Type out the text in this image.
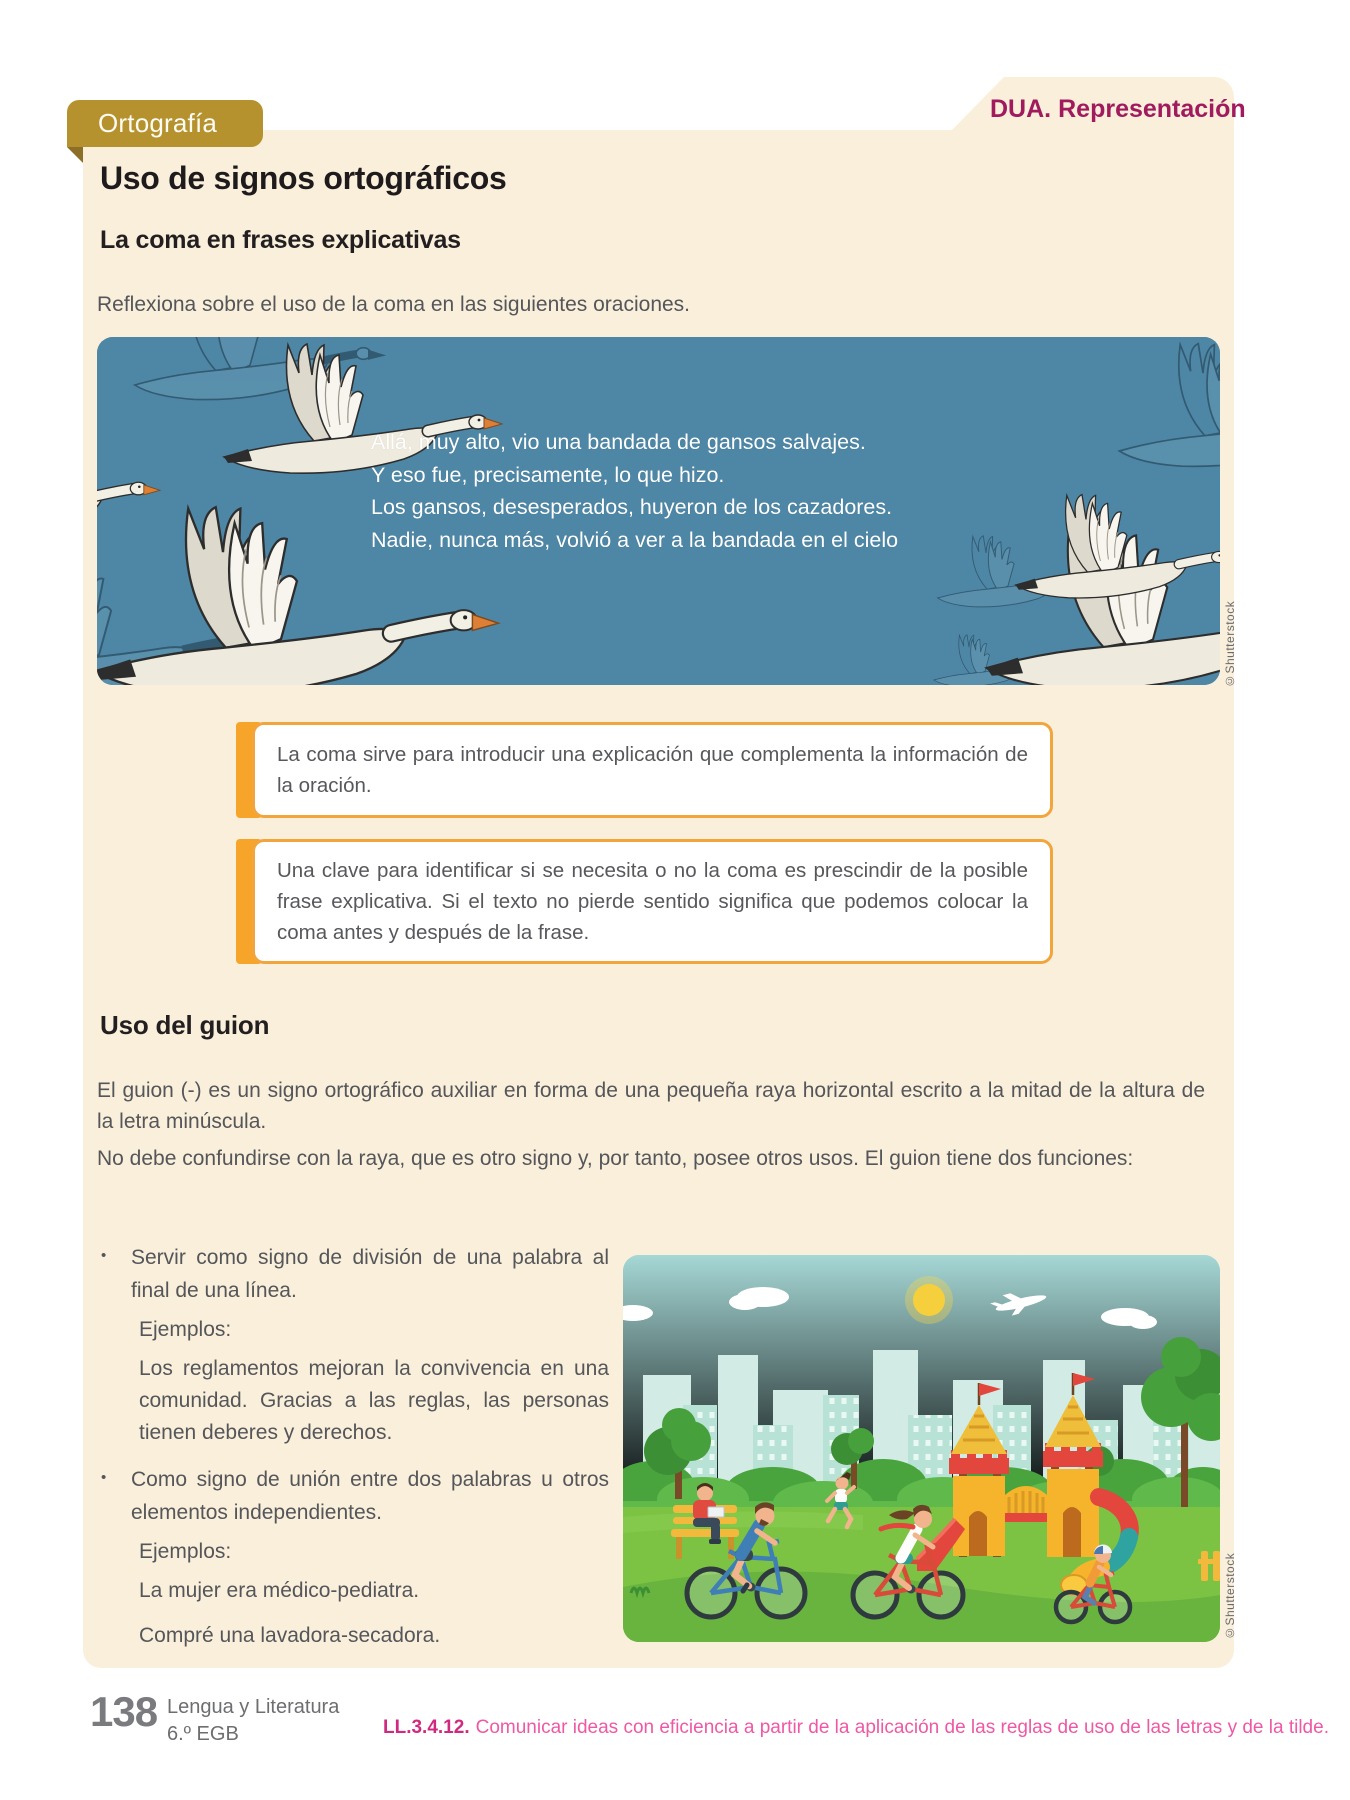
DUA. Representación
Ortografía
Uso de signos ortográficos
La coma en frases explicativas
Reflexiona sobre el uso de la coma en las siguientes oraciones.
Allá, muy alto, vio una bandada de gansos salvajes.
Y eso fue, precisamente, lo que hizo.
Los gansos, desesperados, huyeron de los cazadores.
Nadie, nunca más, volvió a ver a la bandada en el cielo
©Shutterstock

La coma sirve para introducir una explicación que complementa la información de la oración.

Una clave para identificar si se necesita o no la coma es prescindir de la posible frase explicativa. Si el texto no pierde sentido significa que podemos colocar la coma antes y después de la frase.

Uso del guion
El guion (-) es un signo ortográfico auxiliar en forma de una pequeña raya horizontal escrito a la mitad de la altura de la letra minúscula.
No debe confundirse con la raya, que es otro signo y, por tanto, posee otros usos. El guion tiene dos funciones:
• Servir como signo de división de una palabra al final de una línea.
Ejemplos:
Los reglamentos mejoran la convivencia en una comunidad. Gracias a las reglas, las personas tienen deberes y derechos.
• Como signo de unión entre dos palabras u otros elementos independientes.
Ejemplos:
La mujer era médico-pediatra.
Compré una lavadora-secadora.	©Shutterstock
138 Lengua y Literatura
6.º EGB	LL.3.4.12. Comunicar ideas con eficiencia a partir de la aplicación de las reglas de uso de las letras y de la tilde.
